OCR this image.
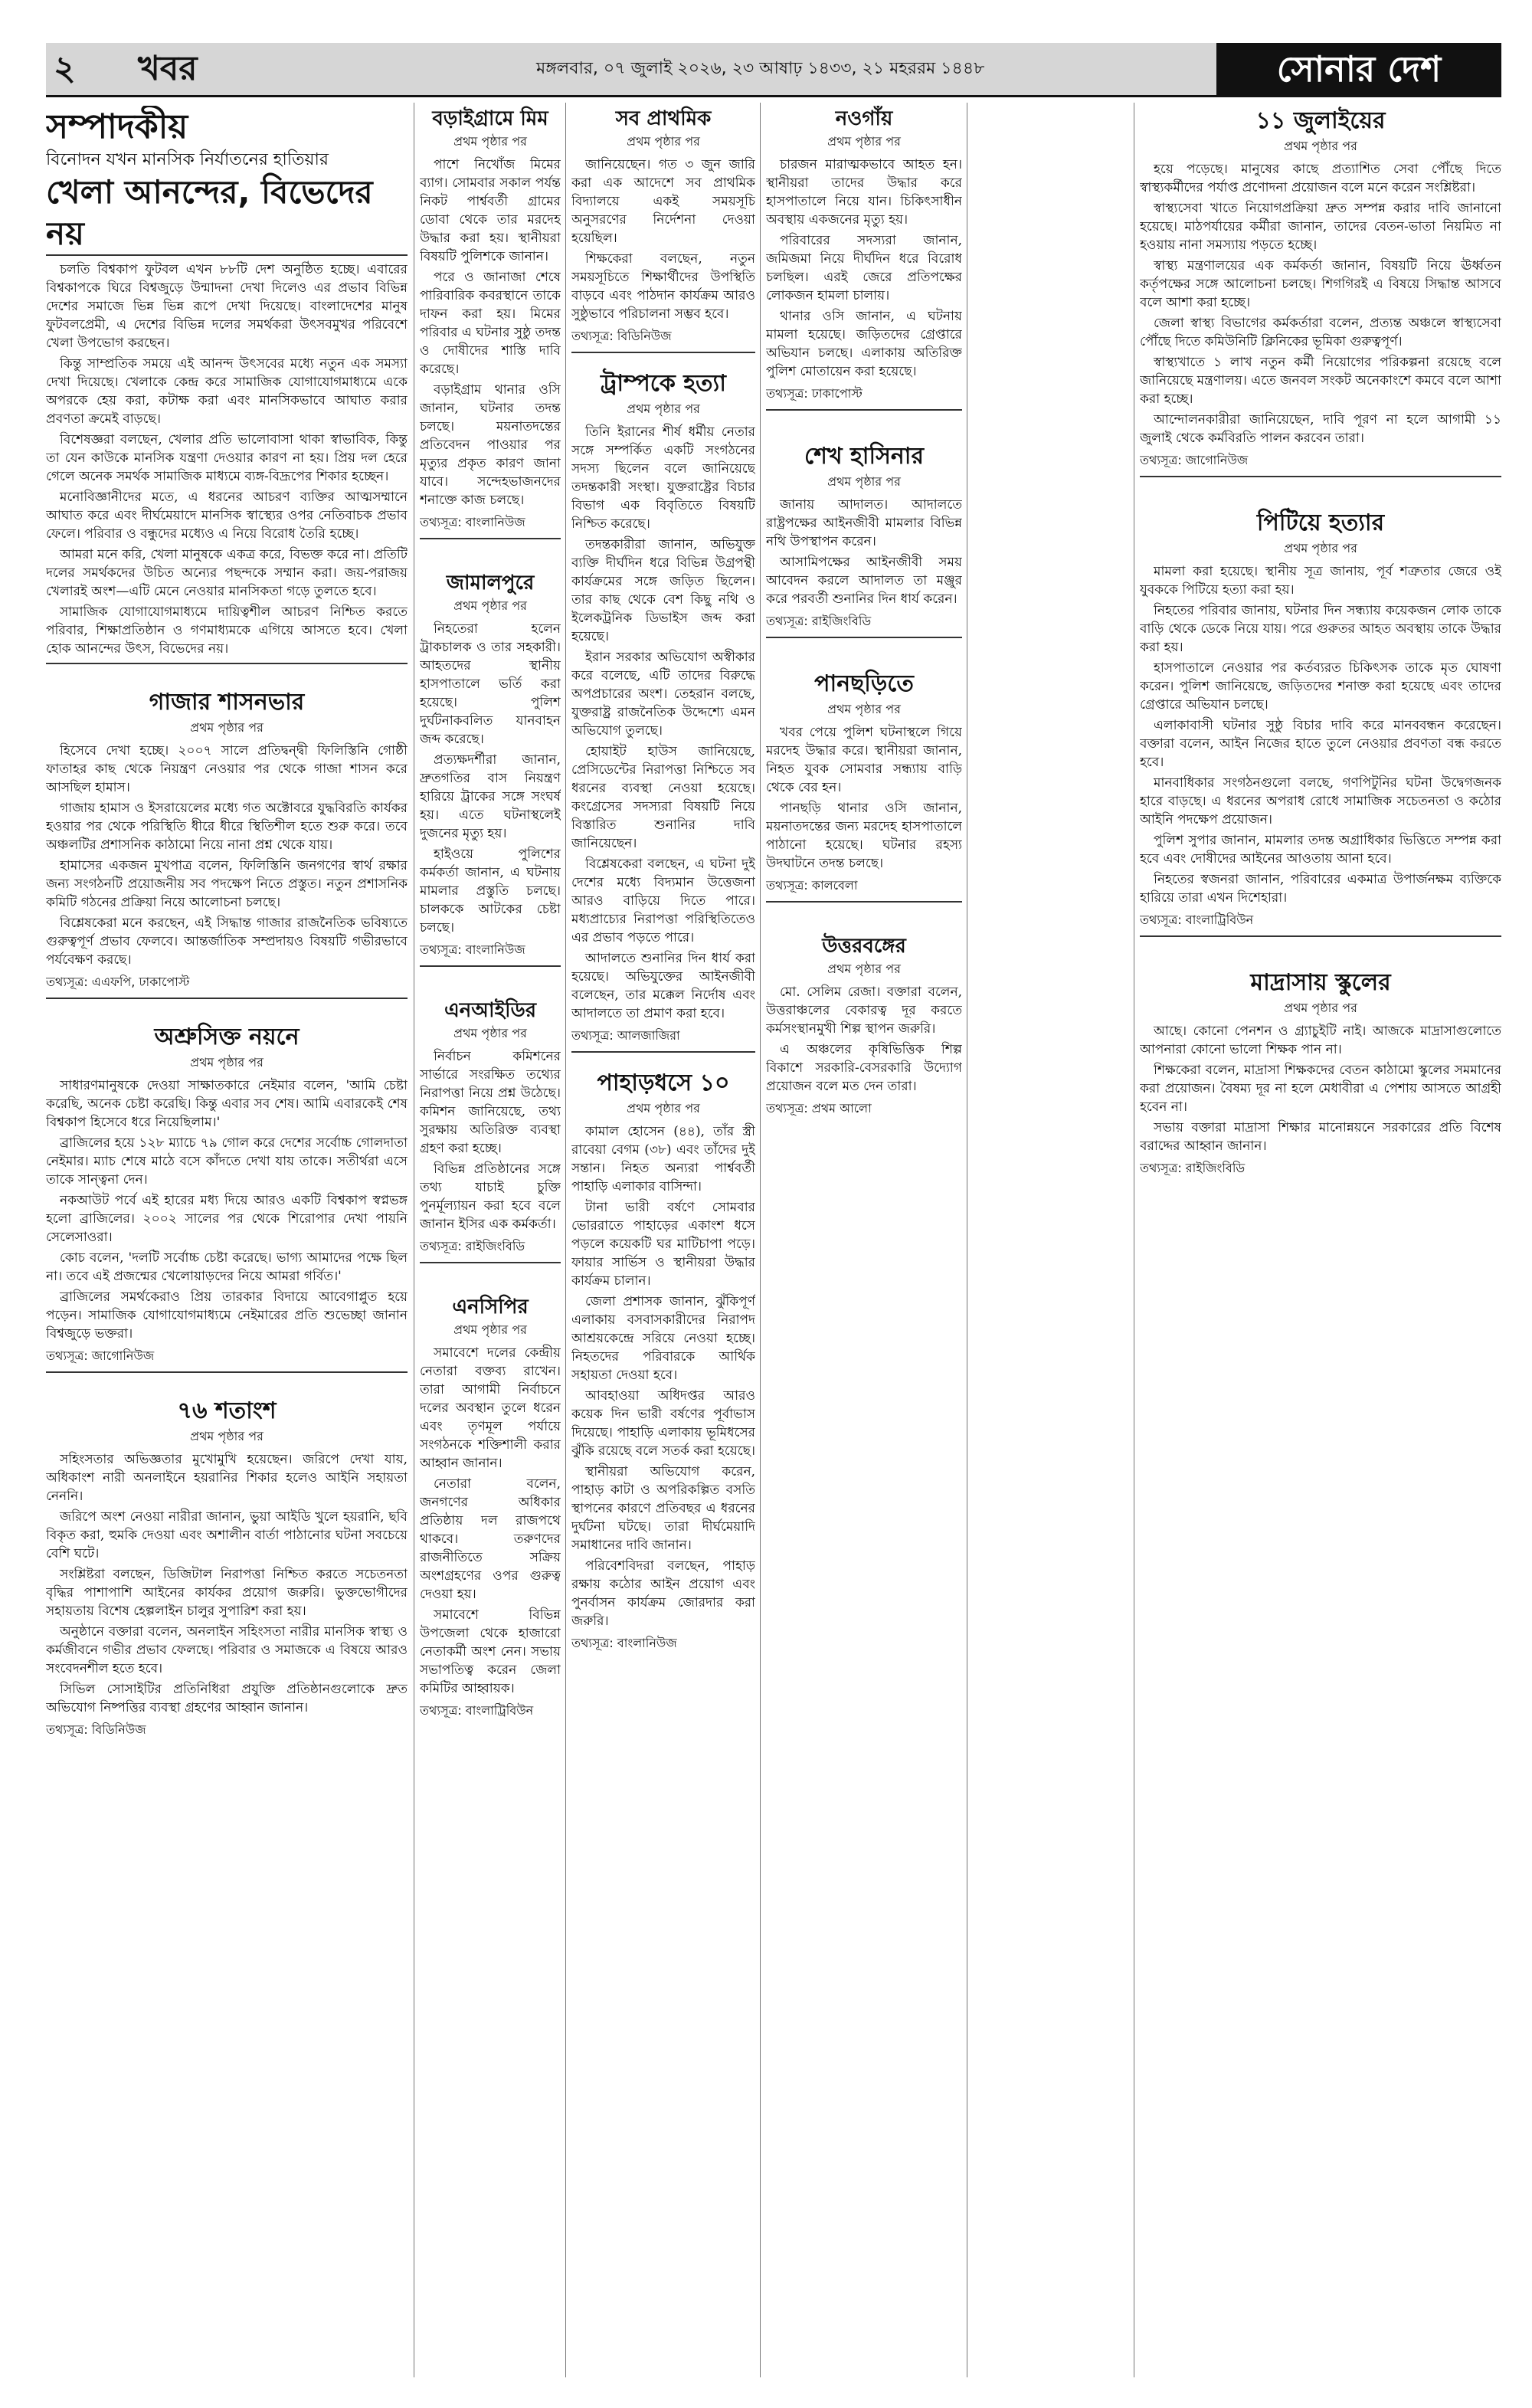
২ খবর	মঙ্গলবার, ০৭ জুলাই ২০২৬, ২৩ আষাঢ় ১৪৩৩, ২১ মহররম ১৪৪৮	সোনার দেশ
সম্পাদকীয়
বিনোদন যখন মানসিক নির্যাতনের হাতিয়ার
খেলা আনন্দের, বিভেদের নয়

চলতি বিশ্বকাপ ফুটবল এখন ৮৮টি দেশ অনুষ্ঠিত হচ্ছে। এবারের বিশ্বকাপকে ঘিরে বিশ্বজুড়ে উন্মাদনা দেখা দিলেও এর প্রভাব বিভিন্ন দেশের সমাজে ভিন্ন ভিন্ন রূপে দেখা দিয়েছে। বাংলাদেশের মানুষ ফুটবলপ্রেমী, এ দেশের বিভিন্ন দলের সমর্থকরা উৎসবমুখর পরিবেশে খেলা উপভোগ করছেন।

কিন্তু সাম্প্রতিক সময়ে এই আনন্দ উৎসবের মধ্যে নতুন এক সমস্যা দেখা দিয়েছে। খেলাকে কেন্দ্র করে সামাজিক যোগাযোগমাধ্যমে একে অপরকে হেয় করা, কটাক্ষ করা এবং মানসিকভাবে আঘাত করার প্রবণতা ক্রমেই বাড়ছে।

বিশেষজ্ঞরা বলছেন, খেলার প্রতি ভালোবাসা থাকা স্বাভাবিক, কিন্তু তা যেন কাউকে মানসিক যন্ত্রণা দেওয়ার কারণ না হয়। প্রিয় দল হেরে গেলে অনেক সমর্থক সামাজিক মাধ্যমে ব্যঙ্গ-বিদ্রূপের শিকার হচ্ছেন।

মনোবিজ্ঞানীদের মতে, এ ধরনের আচরণ ব্যক্তির আত্মসম্মানে আঘাত করে এবং দীর্ঘমেয়াদে মানসিক স্বাস্থ্যের ওপর নেতিবাচক প্রভাব ফেলে। পরিবার ও বন্ধুদের মধ্যেও এ নিয়ে বিরোধ তৈরি হচ্ছে।

আমরা মনে করি, খেলা মানুষকে একত্র করে, বিভক্ত করে না। প্রতিটি দলের সমর্থকদের উচিত অন্যের পছন্দকে সম্মান করা। জয়-পরাজয় খেলারই অংশ—এটি মেনে নেওয়ার মানসিকতা গড়ে তুলতে হবে।

সামাজিক যোগাযোগমাধ্যমে দায়িত্বশীল আচরণ নিশ্চিত করতে পরিবার, শিক্ষাপ্রতিষ্ঠান ও গণমাধ্যমকে এগিয়ে আসতে হবে। খেলা হোক আনন্দের উৎস, বিভেদের নয়।

গাজার শাসনভার
প্রথম পৃষ্ঠার পর

হিসেবে দেখা হচ্ছে। ২০০৭ সালে প্রতিদ্বন্দ্বী ফিলিস্তিনি গোষ্ঠী ফাতাহর কাছ থেকে নিয়ন্ত্রণ নেওয়ার পর থেকে গাজা শাসন করে আসছিল হামাস।

গাজায় হামাস ও ইসরায়েলের মধ্যে গত অক্টোবরে যুদ্ধবিরতি কার্যকর হওয়ার পর থেকে পরিস্থিতি ধীরে ধীরে স্থিতিশীল হতে শুরু করে। তবে অঞ্চলটির প্রশাসনিক কাঠামো নিয়ে নানা প্রশ্ন থেকে যায়।

হামাসের একজন মুখপাত্র বলেন, ফিলিস্তিনি জনগণের স্বার্থ রক্ষার জন্য সংগঠনটি প্রয়োজনীয় সব পদক্ষেপ নিতে প্রস্তুত। নতুন প্রশাসনিক কমিটি গঠনের প্রক্রিয়া নিয়ে আলোচনা চলছে।

বিশ্লেষকেরা মনে করছেন, এই সিদ্ধান্ত গাজার রাজনৈতিক ভবিষ্যতে গুরুত্বপূর্ণ প্রভাব ফেলবে। আন্তর্জাতিক সম্প্রদায়ও বিষয়টি গভীরভাবে পর্যবেক্ষণ করছে।

তথ্যসূত্র: এএফপি, ঢাকাপোস্ট
অশ্রুসিক্ত নয়নে
প্রথম পৃষ্ঠার পর

সাধারণমানুষকে দেওয়া সাক্ষাতকারে নেইমার বলেন, 'আমি চেষ্টা করেছি, অনেক চেষ্টা করেছি। কিন্তু এবার সব শেষ। আমি এবারকেই শেষ বিশ্বকাপ হিসেবে ধরে নিয়েছিলাম।'

ব্রাজিলের হয়ে ১২৮ ম্যাচে ৭৯ গোল করে দেশের সর্বোচ্চ গোলদাতা নেইমার। ম্যাচ শেষে মাঠে বসে কাঁদতে দেখা যায় তাকে। সতীর্থরা এসে তাকে সান্ত্বনা দেন।

নকআউট পর্বে এই হারের মধ্য দিয়ে আরও একটি বিশ্বকাপ স্বপ্নভঙ্গ হলো ব্রাজিলের। ২০০২ সালের পর থেকে শিরোপার দেখা পায়নি সেলেসাওরা।

কোচ বলেন, 'দলটি সর্বোচ্চ চেষ্টা করেছে। ভাগ্য আমাদের পক্ষে ছিল না। তবে এই প্রজন্মের খেলোয়াড়দের নিয়ে আমরা গর্বিত।'

ব্রাজিলের সমর্থকেরাও প্রিয় তারকার বিদায়ে আবেগাপ্লুত হয়ে পড়েন। সামাজিক যোগাযোগমাধ্যমে নেইমারের প্রতি শুভেচ্ছা জানান বিশ্বজুড়ে ভক্তরা।

তথ্যসূত্র: জাগোনিউজ
৭৬ শতাংশ
প্রথম পৃষ্ঠার পর

সহিংসতার অভিজ্ঞতার মুখোমুখি হয়েছেন। জরিপে দেখা যায়, অধিকাংশ নারী অনলাইনে হয়রানির শিকার হলেও আইনি সহায়তা নেননি।

জরিপে অংশ নেওয়া নারীরা জানান, ভুয়া আইডি খুলে হয়রানি, ছবি বিকৃত করা, হুমকি দেওয়া এবং অশালীন বার্তা পাঠানোর ঘটনা সবচেয়ে বেশি ঘটে।

সংশ্লিষ্টরা বলছেন, ডিজিটাল নিরাপত্তা নিশ্চিত করতে সচেতনতা বৃদ্ধির পাশাপাশি আইনের কার্যকর প্রয়োগ জরুরি। ভুক্তভোগীদের সহায়তায় বিশেষ হেল্পলাইন চালুর সুপারিশ করা হয়।

অনুষ্ঠানে বক্তারা বলেন, অনলাইন সহিংসতা নারীর মানসিক স্বাস্থ্য ও কর্মজীবনে গভীর প্রভাব ফেলছে। পরিবার ও সমাজকে এ বিষয়ে আরও সংবেদনশীল হতে হবে।

সিভিল সোসাইটির প্রতিনিধিরা প্রযুক্তি প্রতিষ্ঠানগুলোকে দ্রুত অভিযোগ নিষ্পত্তির ব্যবস্থা গ্রহণের আহ্বান জানান।

তথ্যসূত্র: বিডিনিউজ
বড়াইগ্রামে মিম
প্রথম পৃষ্ঠার পর

পাশে নিখোঁজ মিমের ব্যাগ। সোমবার সকাল পর্যন্ত নিকট পার্শ্ববর্তী গ্রামের ডোবা থেকে তার মরদেহ উদ্ধার করা হয়। স্থানীয়রা বিষয়টি পুলিশকে জানান।

পরে ও জানাজা শেষে পারিবারিক কবরস্থানে তাকে দাফন করা হয়। মিমের পরিবার এ ঘটনার সুষ্ঠু তদন্ত ও দোষীদের শাস্তি দাবি করেছে।

বড়াইগ্রাম থানার ওসি জানান, ঘটনার তদন্ত চলছে। ময়নাতদন্তের প্রতিবেদন পাওয়ার পর মৃত্যুর প্রকৃত কারণ জানা যাবে। সন্দেহভাজনদের শনাক্তে কাজ চলছে।

তথ্যসূত্র: বাংলানিউজ
জামালপুরে
প্রথম পৃষ্ঠার পর

নিহতেরা হলেন ট্রাকচালক ও তার সহকারী। আহতদের স্থানীয় হাসপাতালে ভর্তি করা হয়েছে। পুলিশ দুর্ঘটনাকবলিত যানবাহন জব্দ করেছে।

প্রত্যক্ষদর্শীরা জানান, দ্রুতগতির বাস নিয়ন্ত্রণ হারিয়ে ট্রাকের সঙ্গে সংঘর্ষ হয়। এতে ঘটনাস্থলেই দুজনের মৃত্যু হয়।

হাইওয়ে পুলিশের কর্মকর্তা জানান, এ ঘটনায় মামলার প্রস্তুতি চলছে। চালককে আটকের চেষ্টা চলছে।

তথ্যসূত্র: বাংলানিউজ
এনআইডির
প্রথম পৃষ্ঠার পর

নির্বাচন কমিশনের সার্ভারে সংরক্ষিত তথ্যের নিরাপত্তা নিয়ে প্রশ্ন উঠেছে। কমিশন জানিয়েছে, তথ্য সুরক্ষায় অতিরিক্ত ব্যবস্থা গ্রহণ করা হচ্ছে।

বিভিন্ন প্রতিষ্ঠানের সঙ্গে তথ্য যাচাই চুক্তি পুনর্মূল্যায়ন করা হবে বলে জানান ইসির এক কর্মকর্তা।

তথ্যসূত্র: রাইজিংবিডি
এনসিপির
প্রথম পৃষ্ঠার পর

সমাবেশে দলের কেন্দ্রীয় নেতারা বক্তব্য রাখেন। তারা আগামী নির্বাচনে দলের অবস্থান তুলে ধরেন এবং তৃণমূল পর্যায়ে সংগঠনকে শক্তিশালী করার আহ্বান জানান।

নেতারা বলেন, জনগণের অধিকার প্রতিষ্ঠায় দল রাজপথে থাকবে। তরুণদের রাজনীতিতে সক্রিয় অংশগ্রহণের ওপর গুরুত্ব দেওয়া হয়।

সমাবেশে বিভিন্ন উপজেলা থেকে হাজারো নেতাকর্মী অংশ নেন। সভায় সভাপতিত্ব করেন জেলা কমিটির আহ্বায়ক।

তথ্যসূত্র: বাংলাট্রিবিউন
সব প্রাথমিক
প্রথম পৃষ্ঠার পর

জানিয়েছেন। গত ৩ জুন জারি করা এক আদেশে সব প্রাথমিক বিদ্যালয়ে একই সময়সূচি অনুসরণের নির্দেশনা দেওয়া হয়েছিল।

শিক্ষকেরা বলছেন, নতুন সময়সূচিতে শিক্ষার্থীদের উপস্থিতি বাড়বে এবং পাঠদান কার্যক্রম আরও সুষ্ঠুভাবে পরিচালনা সম্ভব হবে।

তথ্যসূত্র: বিডিনিউজ
ট্রাম্পকে হত্যা
প্রথম পৃষ্ঠার পর

তিনি ইরানের শীর্ষ ধর্মীয় নেতার সঙ্গে সম্পর্কিত একটি সংগঠনের সদস্য ছিলেন বলে জানিয়েছে তদন্তকারী সংস্থা। যুক্তরাষ্ট্রের বিচার বিভাগ এক বিবৃতিতে বিষয়টি নিশ্চিত করেছে।

তদন্তকারীরা জানান, অভিযুক্ত ব্যক্তি দীর্ঘদিন ধরে বিভিন্ন উগ্রপন্থী কার্যক্রমের সঙ্গে জড়িত ছিলেন। তার কাছ থেকে বেশ কিছু নথি ও ইলেকট্রনিক ডিভাইস জব্দ করা হয়েছে।

ইরান সরকার অভিযোগ অস্বীকার করে বলেছে, এটি তাদের বিরুদ্ধে অপপ্রচারের অংশ। তেহরান বলছে, যুক্তরাষ্ট্র রাজনৈতিক উদ্দেশ্যে এমন অভিযোগ তুলছে।

হোয়াইট হাউস জানিয়েছে, প্রেসিডেন্টের নিরাপত্তা নিশ্চিতে সব ধরনের ব্যবস্থা নেওয়া হয়েছে। কংগ্রেসের সদস্যরা বিষয়টি নিয়ে বিস্তারিত শুনানির দাবি জানিয়েছেন।

বিশ্লেষকেরা বলছেন, এ ঘটনা দুই দেশের মধ্যে বিদ্যমান উত্তেজনা আরও বাড়িয়ে দিতে পারে। মধ্যপ্রাচ্যের নিরাপত্তা পরিস্থিতিতেও এর প্রভাব পড়তে পারে।

আদালতে শুনানির দিন ধার্য করা হয়েছে। অভিযুক্তের আইনজীবী বলেছেন, তার মক্কেল নির্দোষ এবং আদালতে তা প্রমাণ করা হবে।

তথ্যসূত্র: আলজাজিরা
পাহাড়ধসে ১০
প্রথম পৃষ্ঠার পর

কামাল হোসেন (৪৪), তাঁর স্ত্রী রাবেয়া বেগম (৩৮) এবং তাঁদের দুই সন্তান। নিহত অন্যরা পার্শ্ববর্তী পাহাড়ি এলাকার বাসিন্দা।

টানা ভারী বর্ষণে সোমবার ভোররাতে পাহাড়ের একাংশ ধসে পড়লে কয়েকটি ঘর মাটিচাপা পড়ে। ফায়ার সার্ভিস ও স্থানীয়রা উদ্ধার কার্যক্রম চালান।

জেলা প্রশাসক জানান, ঝুঁকিপূর্ণ এলাকায় বসবাসকারীদের নিরাপদ আশ্রয়কেন্দ্রে সরিয়ে নেওয়া হচ্ছে। নিহতদের পরিবারকে আর্থিক সহায়তা দেওয়া হবে।

আবহাওয়া অধিদপ্তর আরও কয়েক দিন ভারী বর্ষণের পূর্বাভাস দিয়েছে। পাহাড়ি এলাকায় ভূমিধসের ঝুঁকি রয়েছে বলে সতর্ক করা হয়েছে।

স্থানীয়রা অভিযোগ করেন, পাহাড় কাটা ও অপরিকল্পিত বসতি স্থাপনের কারণে প্রতিবছর এ ধরনের দুর্ঘটনা ঘটছে। তারা দীর্ঘমেয়াদি সমাধানের দাবি জানান।

পরিবেশবিদরা বলছেন, পাহাড় রক্ষায় কঠোর আইন প্রয়োগ এবং পুনর্বাসন কার্যক্রম জোরদার করা জরুরি।

তথ্যসূত্র: বাংলানিউজ
নওগাঁয়
প্রথম পৃষ্ঠার পর

চারজন মারাত্মকভাবে আহত হন। স্থানীয়রা তাদের উদ্ধার করে হাসপাতালে নিয়ে যান। চিকিৎসাধীন অবস্থায় একজনের মৃত্যু হয়।

পরিবারের সদস্যরা জানান, জমিজমা নিয়ে দীর্ঘদিন ধরে বিরোধ চলছিল। এরই জেরে প্রতিপক্ষের লোকজন হামলা চালায়।

থানার ওসি জানান, এ ঘটনায় মামলা হয়েছে। জড়িতদের গ্রেপ্তারে অভিযান চলছে। এলাকায় অতিরিক্ত পুলিশ মোতায়েন করা হয়েছে।

তথ্যসূত্র: ঢাকাপোস্ট
শেখ হাসিনার
প্রথম পৃষ্ঠার পর

জানায় আদালত। আদালতে রাষ্ট্রপক্ষের আইনজীবী মামলার বিভিন্ন নথি উপস্থাপন করেন।

আসামিপক্ষের আইনজীবী সময় আবেদন করলে আদালত তা মঞ্জুর করে পরবর্তী শুনানির দিন ধার্য করেন।

তথ্যসূত্র: রাইজিংবিডি
পানছড়িতে
প্রথম পৃষ্ঠার পর

খবর পেয়ে পুলিশ ঘটনাস্থলে গিয়ে মরদেহ উদ্ধার করে। স্থানীয়রা জানান, নিহত যুবক সোমবার সন্ধ্যায় বাড়ি থেকে বের হন।

পানছড়ি থানার ওসি জানান, ময়নাতদন্তের জন্য মরদেহ হাসপাতালে পাঠানো হয়েছে। ঘটনার রহস্য উদঘাটনে তদন্ত চলছে।

তথ্যসূত্র: কালবেলা
উত্তরবঙ্গের
প্রথম পৃষ্ঠার পর

মো. সেলিম রেজা। বক্তারা বলেন, উত্তরাঞ্চলের বেকারত্ব দূর করতে কর্মসংস্থানমুখী শিল্প স্থাপন জরুরি।

এ অঞ্চলের কৃষিভিত্তিক শিল্প বিকাশে সরকারি-বেসরকারি উদ্যোগ প্রয়োজন বলে মত দেন তারা।

তথ্যসূত্র: প্রথম আলো
১১ জুলাইয়ের
প্রথম পৃষ্ঠার পর

হয়ে পড়েছে। মানুষের কাছে প্রত্যাশিত সেবা পৌঁছে দিতে স্বাস্থ্যকর্মীদের পর্যাপ্ত প্রণোদনা প্রয়োজন বলে মনে করেন সংশ্লিষ্টরা।

স্বাস্থ্যসেবা খাতে নিয়োগপ্রক্রিয়া দ্রুত সম্পন্ন করার দাবি জানানো হয়েছে। মাঠপর্যায়ের কর্মীরা জানান, তাদের বেতন-ভাতা নিয়মিত না হওয়ায় নানা সমস্যায় পড়তে হচ্ছে।

স্বাস্থ্য মন্ত্রণালয়ের এক কর্মকর্তা জানান, বিষয়টি নিয়ে ঊর্ধ্বতন কর্তৃপক্ষের সঙ্গে আলোচনা চলছে। শিগগিরই এ বিষয়ে সিদ্ধান্ত আসবে বলে আশা করা হচ্ছে।

জেলা স্বাস্থ্য বিভাগের কর্মকর্তারা বলেন, প্রত্যন্ত অঞ্চলে স্বাস্থ্যসেবা পৌঁছে দিতে কমিউনিটি ক্লিনিকের ভূমিকা গুরুত্বপূর্ণ।

স্বাস্থ্যখাতে ১ লাখ নতুন কর্মী নিয়োগের পরিকল্পনা রয়েছে বলে জানিয়েছে মন্ত্রণালয়। এতে জনবল সংকট অনেকাংশে কমবে বলে আশা করা হচ্ছে।

আন্দোলনকারীরা জানিয়েছেন, দাবি পূরণ না হলে আগামী ১১ জুলাই থেকে কর্মবিরতি পালন করবেন তারা।

তথ্যসূত্র: জাগোনিউজ
পিটিয়ে হত্যার
প্রথম পৃষ্ঠার পর

মামলা করা হয়েছে। স্থানীয় সূত্র জানায়, পূর্ব শত্রুতার জেরে ওই যুবককে পিটিয়ে হত্যা করা হয়।

নিহতের পরিবার জানায়, ঘটনার দিন সন্ধ্যায় কয়েকজন লোক তাকে বাড়ি থেকে ডেকে নিয়ে যায়। পরে গুরুতর আহত অবস্থায় তাকে উদ্ধার করা হয়।

হাসপাতালে নেওয়ার পর কর্তব্যরত চিকিৎসক তাকে মৃত ঘোষণা করেন। পুলিশ জানিয়েছে, জড়িতদের শনাক্ত করা হয়েছে এবং তাদের গ্রেপ্তারে অভিযান চলছে।

এলাকাবাসী ঘটনার সুষ্ঠু বিচার দাবি করে মানববন্ধন করেছেন। বক্তারা বলেন, আইন নিজের হাতে তুলে নেওয়ার প্রবণতা বন্ধ করতে হবে।

মানবাধিকার সংগঠনগুলো বলছে, গণপিটুনির ঘটনা উদ্বেগজনক হারে বাড়ছে। এ ধরনের অপরাধ রোধে সামাজিক সচেতনতা ও কঠোর আইনি পদক্ষেপ প্রয়োজন।

পুলিশ সুপার জানান, মামলার তদন্ত অগ্রাধিকার ভিত্তিতে সম্পন্ন করা হবে এবং দোষীদের আইনের আওতায় আনা হবে।

নিহতের স্বজনরা জানান, পরিবারের একমাত্র উপার্জনক্ষম ব্যক্তিকে হারিয়ে তারা এখন দিশেহারা।

তথ্যসূত্র: বাংলাট্রিবিউন
মাদ্রাসায় স্কুলের
প্রথম পৃষ্ঠার পর

আছে। কোনো পেনশন ও গ্র্যাচুইটি নাই। আজকে মাদ্রাসাগুলোতে আপনারা কোনো ভালো শিক্ষক পান না।

শিক্ষকেরা বলেন, মাদ্রাসা শিক্ষকদের বেতন কাঠামো স্কুলের সমমানের করা প্রয়োজন। বৈষম্য দূর না হলে মেধাবীরা এ পেশায় আসতে আগ্রহী হবেন না।

সভায় বক্তারা মাদ্রাসা শিক্ষার মানোন্নয়নে সরকারের প্রতি বিশেষ বরাদ্দের আহ্বান জানান।

তথ্যসূত্র: রাইজিংবিডি
